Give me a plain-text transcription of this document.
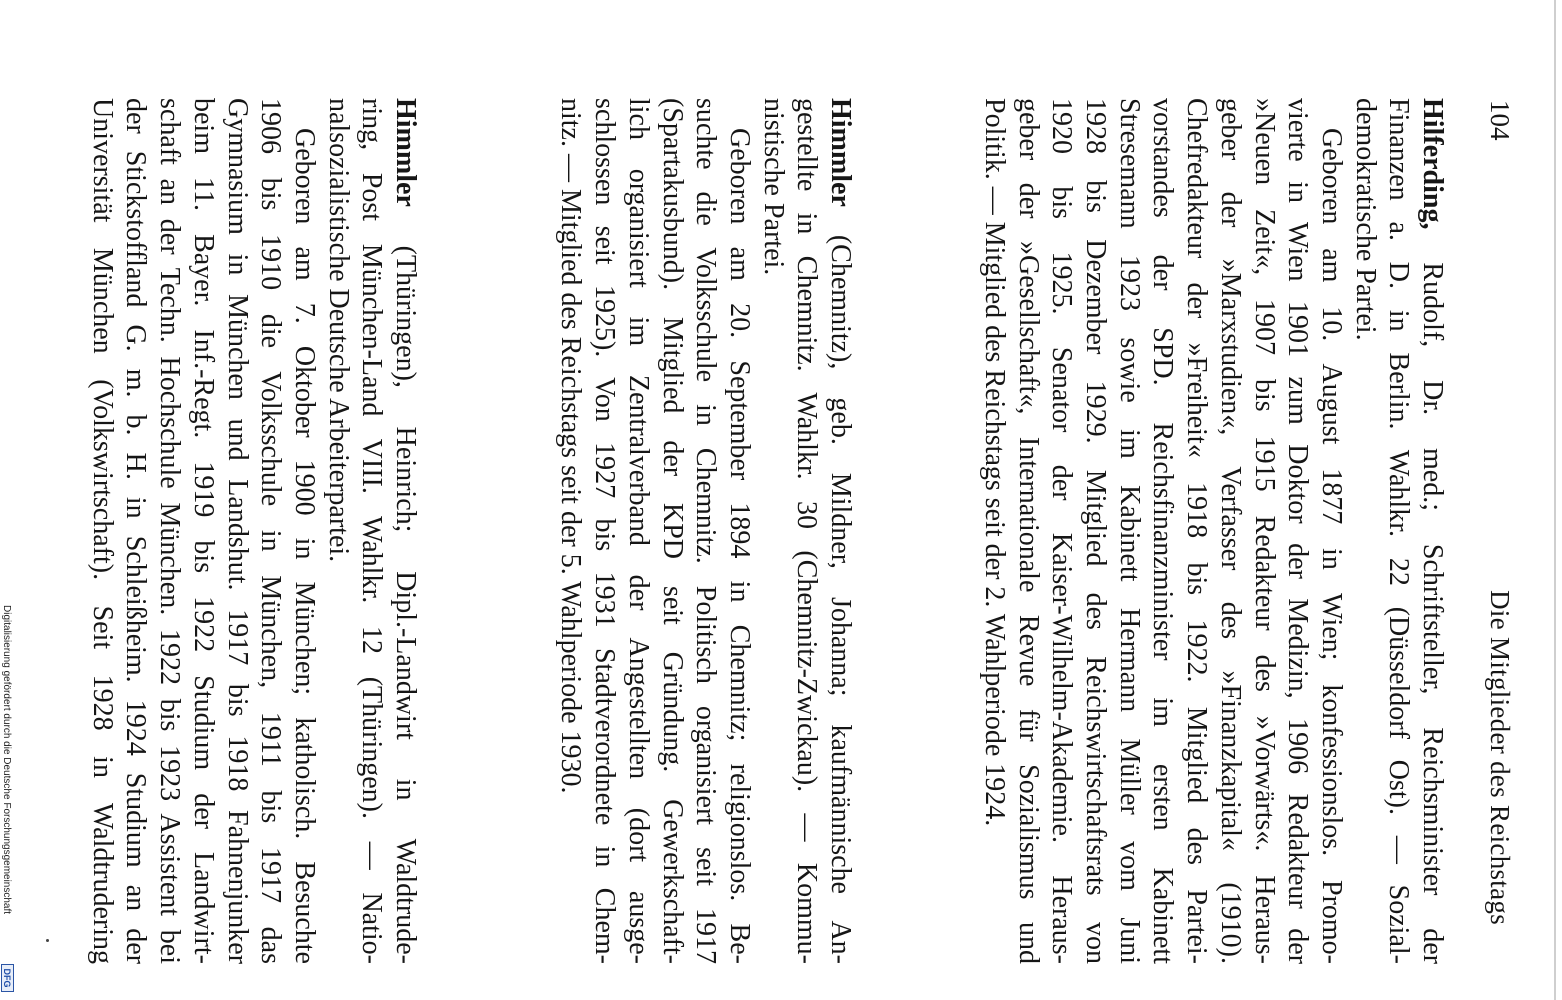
104
Die Mitglieder des Reichstags
Hilferding, Rudolf, Dr. med.; Schriftsteller, Reichsminister der
Finanzen a. D. in Berlin. Wahlkr. 22 (Düsseldorf Ost). — Sozial-
demokratische Partei.
Geboren am 10. August 1877 in Wien; konfessionslos. Promo-
vierte in Wien 1901 zum Doktor der Medizin, 1906 Redakteur der
»Neuen Zeit«, 1907 bis 1915 Redakteur des »Vorwärts«. Heraus-
geber der »Marxstudien«, Verfasser des »Finanzkapital« (1910).
Chefredakteur der »Freiheit« 1918 bis 1922. Mitglied des Partei-
vorstandes der SPD. Reichsfinanzminister im ersten Kabinett
Stresemann 1923 sowie im Kabinett Hermann Müller vom Juni
1928 bis Dezember 1929. Mitglied des Reichswirtschaftsrats von
1920 bis 1925. Senator der Kaiser-Wilhelm-Akademie. Heraus-
geber der »Gesellschaft«, Internationale Revue für Sozialismus und
Politik. — Mitglied des Reichstags seit der 2. Wahlperiode 1924.
Himmler (Chemnitz), geb. Mildner, Johanna; kaufmännische An-
gestellte in Chemnitz. Wahlkr. 30 (Chemnitz-Zwickau). — Kommu-
nistische Partei.
Geboren am 20. September 1894 in Chemnitz; religionslos. Be-
suchte die Volksschule in Chemnitz. Politisch organisiert seit 1917
(Spartakusbund). Mitglied der KPD seit Gründung. Gewerkschaft-
lich organisiert im Zentralverband der Angestellten (dort ausge-
schlossen seit 1925). Von 1927 bis 1931 Stadtverordnete in Chem-
nitz. — Mitglied des Reichstags seit der 5. Wahlperiode 1930.
Himmler (Thüringen), Heinrich; Dipl.-Landwirt in Waldtrude-
ring, Post München-Land VIII. Wahlkr. 12 (Thüringen). — Natio-
nalsozialistische Deutsche Arbeiterpartei.
Geboren am 7. Oktober 1900 in München; katholisch. Besuchte
1906 bis 1910 die Volksschule in München, 1911 bis 1917 das
Gymnasium in München und Landshut. 1917 bis 1918 Fahnenjunker
beim 11. Bayer. Inf.-Regt. 1919 bis 1922 Studium der Landwirt-
schaft an der Techn. Hochschule München. 1922 bis 1923 Assistent bei
der Stickstoffland G. m. b. H. in Schleißheim. 1924 Studium an der
Universität München (Volkswirtschaft). Seit 1928 in Waldtrudering
Digitalisierung gefördert durch die Deutsche Forschungsgemeinschaft
DFG
